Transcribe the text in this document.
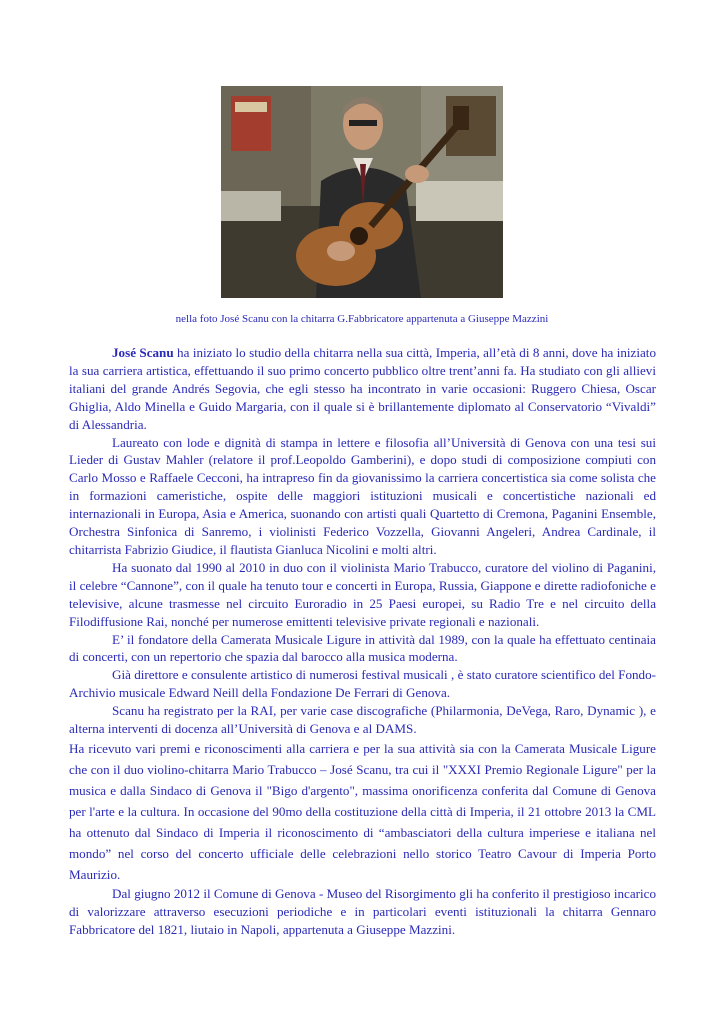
nella foto José Scanu con la chitarra G.Fabbricatore appartenuta a Giuseppe Mazzini

José Scanu ha iniziato lo studio della chitarra nella sua città, Imperia, all’età di 8 anni, dove ha iniziato la sua carriera artistica, effettuando il suo primo concerto pubblico oltre trent’anni fa. Ha studiato con gli allievi italiani del grande Andrés Segovia, che egli stesso ha incontrato in varie occasioni: Ruggero Chiesa, Oscar Ghiglia, Aldo Minella e Guido Margaria, con il quale si è brillantemente diplomato al Conservatorio “Vivaldi” di Alessandria.

Laureato con lode e dignità di stampa in lettere e filosofia all’Università di Genova con una tesi sui Lieder di Gustav Mahler (relatore il prof.Leopoldo Gamberini), e dopo studi di composizione compiuti con Carlo Mosso e Raffaele Cecconi, ha intrapreso fin da giovanissimo la carriera concertistica sia come solista che in formazioni cameristiche, ospite delle maggiori istituzioni musicali e concertistiche nazionali ed internazionali in Europa, Asia e America, suonando con artisti quali Quartetto di Cremona, Paganini Ensemble, Orchestra Sinfonica di Sanremo, i violinisti Federico Vozzella, Giovanni Angeleri, Andrea Cardinale, il chitarrista Fabrizio Giudice, il flautista Gianluca Nicolini e molti altri.

Ha suonato dal 1990 al 2010 in duo con il violinista Mario Trabucco, curatore del violino di Paganini, il celebre “Cannone”, con il quale ha tenuto tour e concerti in Europa, Russia, Giappone e dirette radiofoniche e televisive, alcune trasmesse nel circuito Euroradio in 25 Paesi europei, su Radio Tre e nel circuito della Filodiffusione Rai, nonché per numerose emittenti televisive private regionali e nazionali.

E’ il fondatore della Camerata Musicale Ligure in attività dal 1989, con la quale ha effettuato centinaia di concerti, con un repertorio che spazia dal barocco alla musica moderna.

Già direttore e consulente artistico di numerosi festival musicali , è stato curatore scientifico del Fondo-Archivio musicale Edward Neill della Fondazione De Ferrari di Genova.

Scanu ha registrato per la RAI, per varie case discografiche (Philarmonia, DeVega, Raro, Dynamic ), e alterna interventi di docenza all’Università di Genova e al DAMS.

Ha ricevuto vari premi e riconoscimenti alla carriera e per la sua attività sia con la Camerata Musicale Ligure che con il duo violino-chitarra Mario Trabucco – José Scanu, tra cui il "XXXI Premio Regionale Ligure" per la musica e dalla Sindaco di Genova il "Bigo d'argento", massima onorificenza conferita dal Comune di Genova per l'arte e la cultura. In occasione del 90mo della costituzione della città di Imperia, il 21 ottobre 2013 la CML ha ottenuto dal Sindaco di Imperia il riconoscimento di “ambasciatori della cultura imperiese e italiana nel mondo” nel corso del concerto ufficiale delle celebrazioni nello storico Teatro Cavour di Imperia Porto Maurizio.

Dal giugno 2012 il Comune di Genova - Museo del Risorgimento gli ha conferito il prestigioso incarico di valorizzare attraverso esecuzioni periodiche e in particolari eventi istituzionali la chitarra Gennaro Fabbricatore del 1821, liutaio in Napoli, appartenuta a Giuseppe Mazzini.
